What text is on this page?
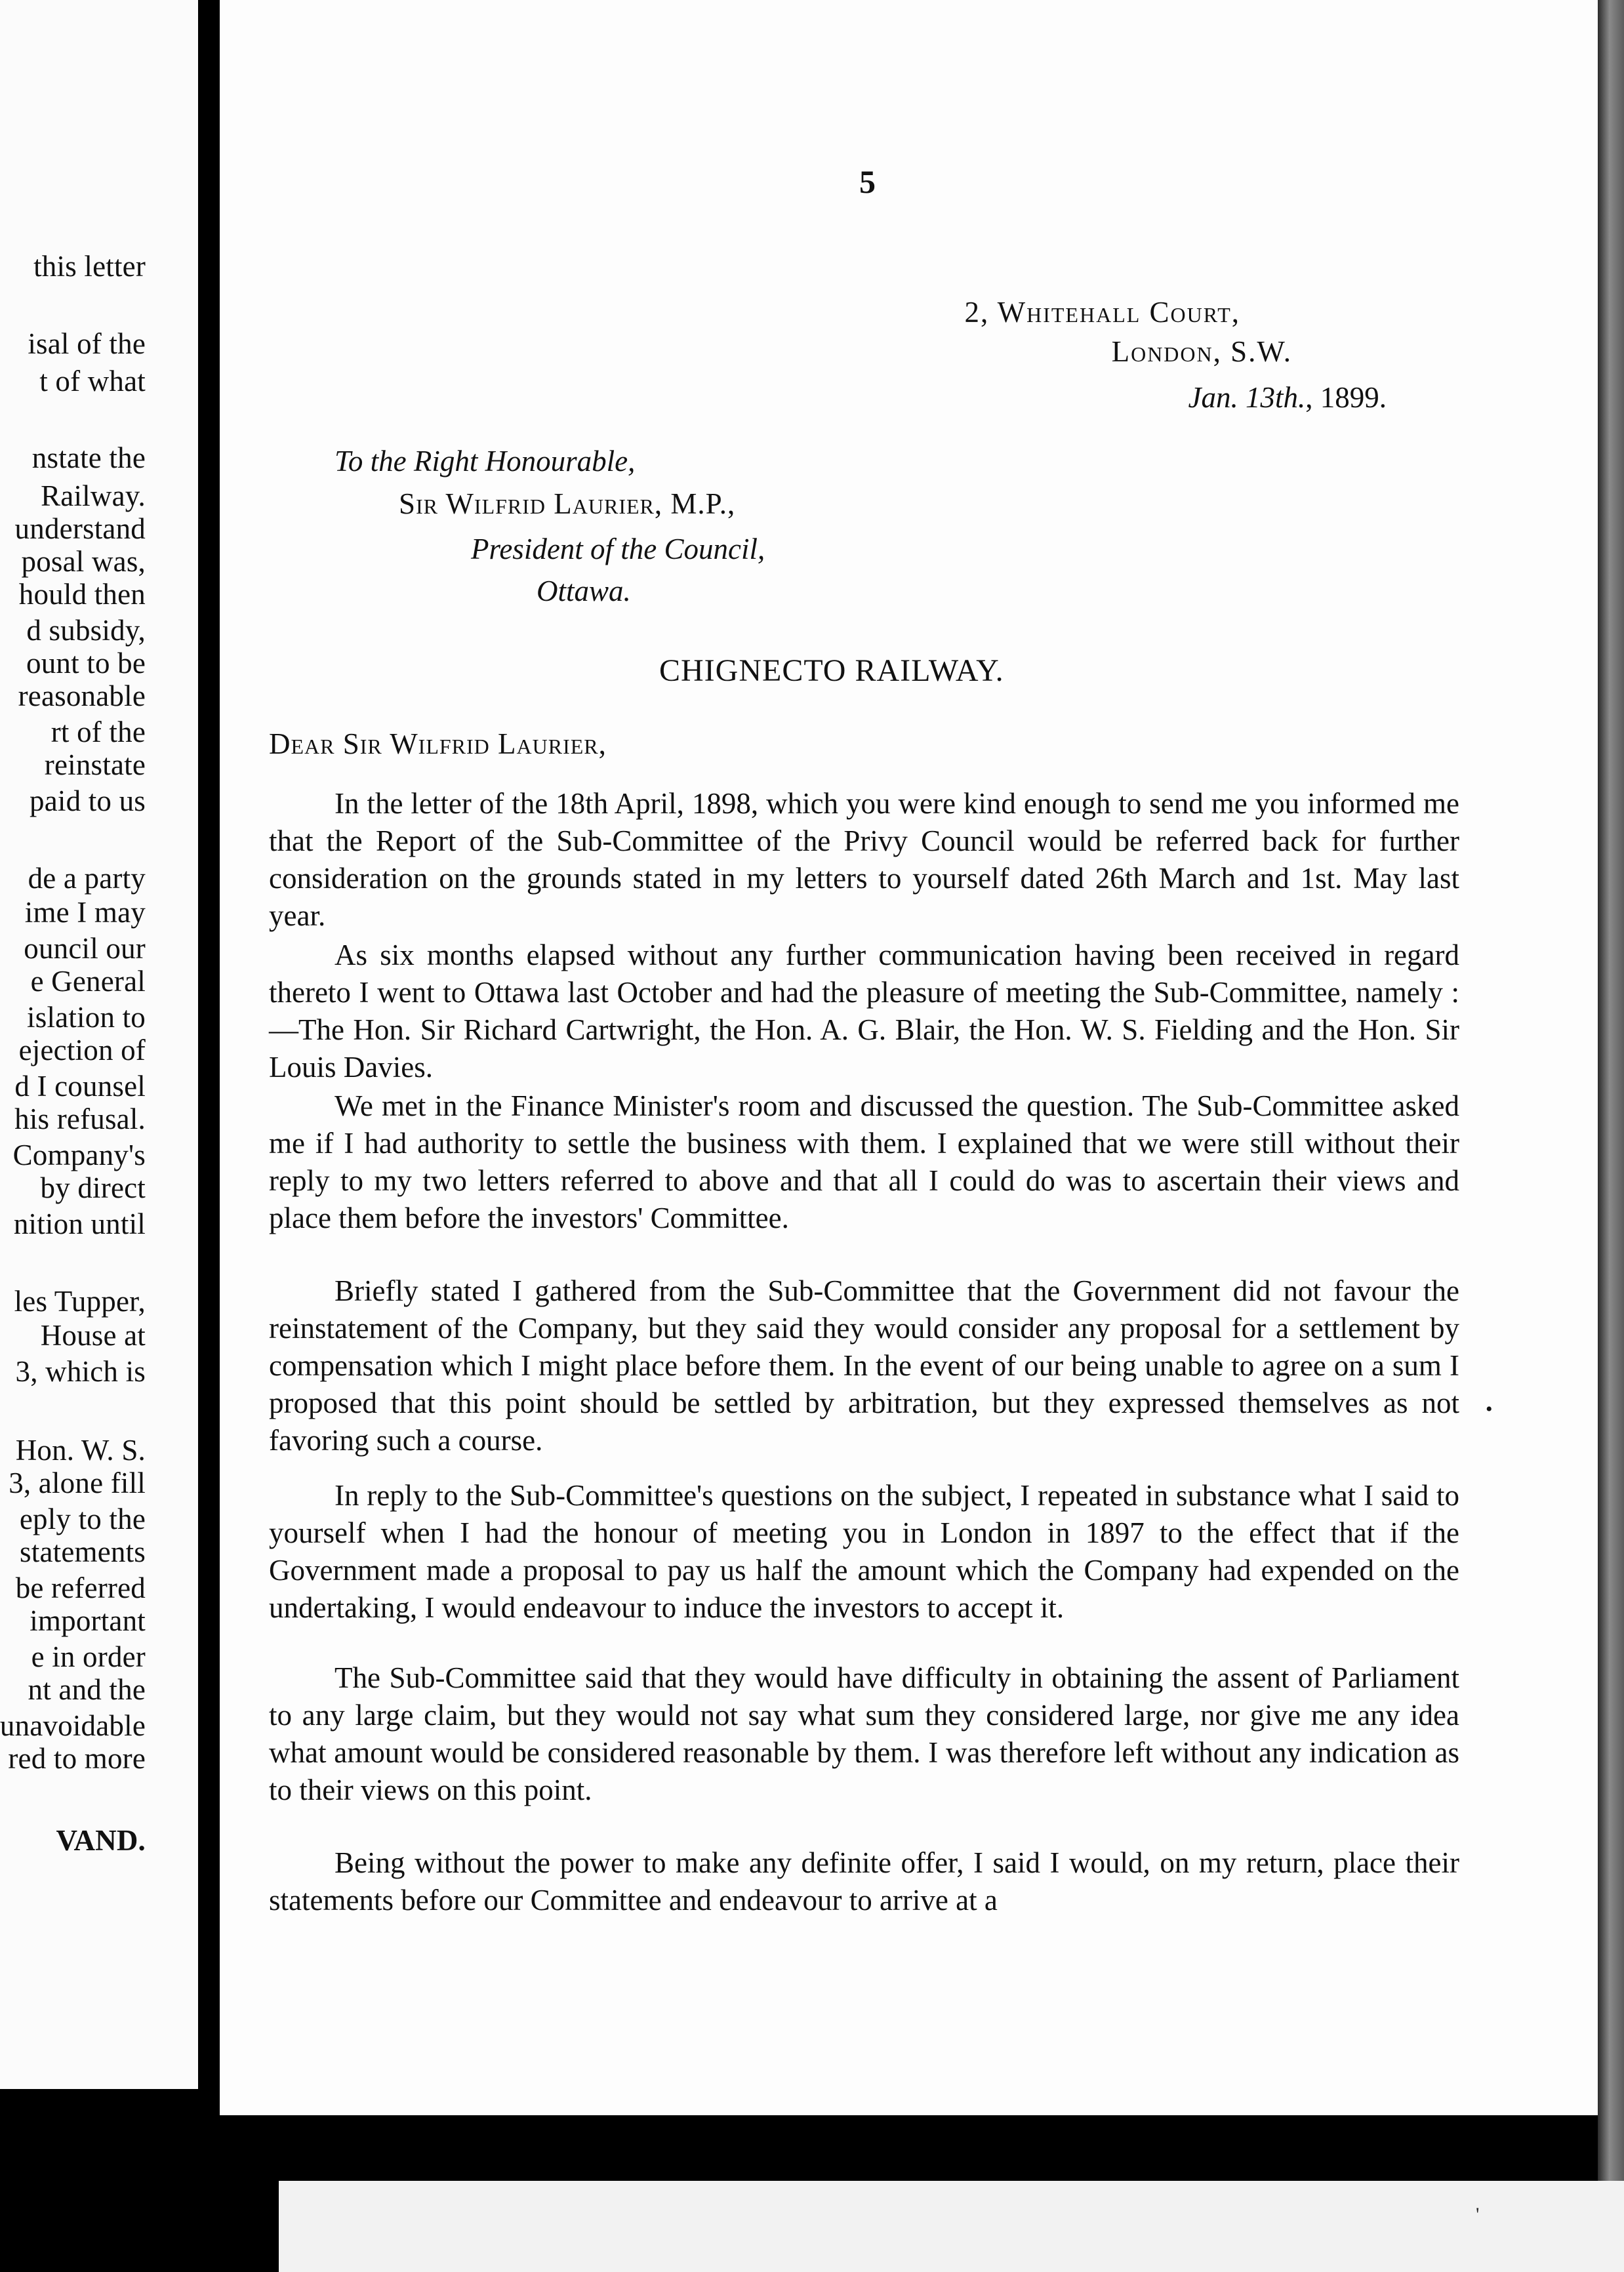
this letter
isal of the
t of what
nstate the
Railway.
understand
posal was,
hould then
d subsidy,
ount to be
reasonable
rt of the
reinstate
paid to us
de a party
ime I may
ouncil our
e General
islation to
ejection of
d I counsel
his refusal.
Company's
by direct
nition until
les Tupper,
House at
3, which is
Hon. W. S.
3, alone fill
eply to the
statements
be referred
important
e in order
nt and the
unavoidable
red to more
VAND.
'
5
2, Whitehall Court,
London, S.W.
Jan. 13th., 1899.
To the Right Honourable,
Sir Wilfrid Laurier, M.P.,
President of the Council,
Ottawa.
CHIGNECTO RAILWAY.
Dear Sir Wilfrid Laurier,
In the letter of the 18th April, 1898, which you were kind enough to send me you informed me that the Report of the Sub-Committee of the Privy Council would be referred back for further consideration on the grounds stated in my letters to yourself dated 26th March and 1st. May last year.
As six months elapsed without any further communication having been received in regard thereto I went to Ottawa last October and had the pleasure of meeting the Sub-Committee, namely :—The Hon. Sir Richard Cartwright, the Hon. A. G. Blair, the Hon. W. S. Fielding and the Hon. Sir Louis Davies.
We met in the Finance Minister's room and discussed the question. The Sub-Committee asked me if I had authority to settle the business with them. I explained that we were still without their reply to my two letters referred to above and that all I could do was to ascertain their views and place them before the investors' Committee.
Briefly stated I gathered from the Sub-Committee that the Government did not favour the reinstatement of the Company, but they said they would consider any proposal for a settlement by compensation which I might place before them. In the event of our being unable to agree on a sum I proposed that this point should be settled by arbitration, but they expressed themselves as not favoring such a course.
In reply to the Sub-Committee's questions on the subject, I repeated in substance what I said to yourself when I had the honour of meeting you in London in 1897 to the effect that if the Government made a proposal to pay us half the amount which the Company had expended on the undertaking, I would endeavour to induce the investors to accept it.
The Sub-Committee said that they would have difficulty in obtaining the assent of Parliament to any large claim, but they would not say what sum they considered large, nor give me any idea what amount would be considered reasonable by them. I was therefore left without any indication as to their views on this point.
Being without the power to make any definite offer, I said I would, on my return, place their statements before our Committee and endeavour to arrive at a
•
